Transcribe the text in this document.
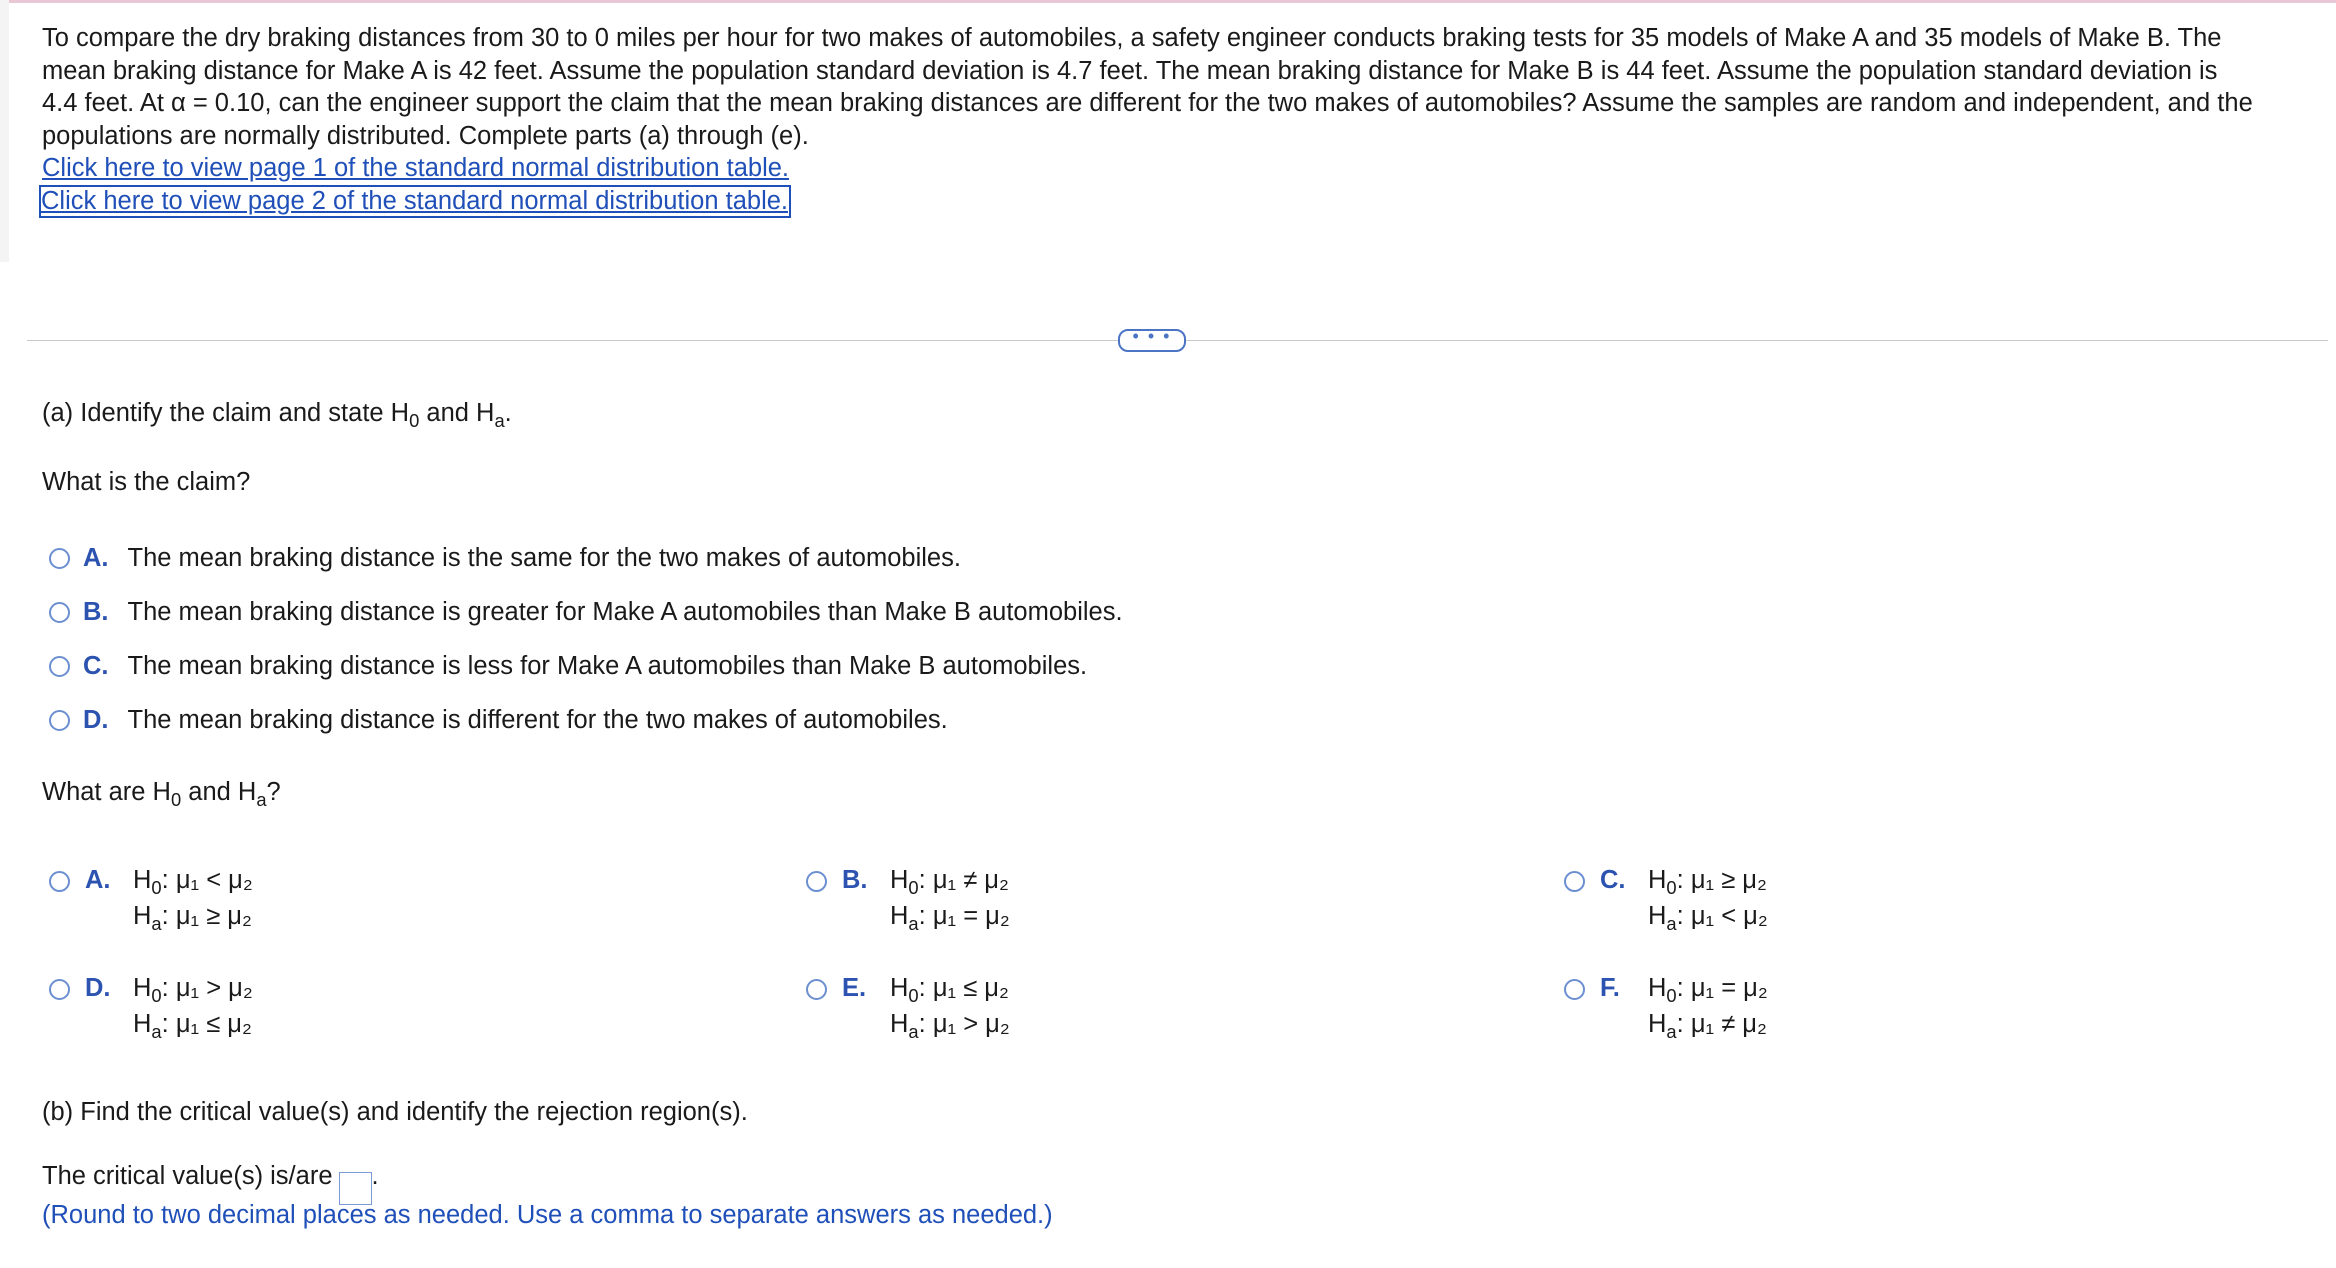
To compare the dry braking distances from 30 to 0 miles per hour for two makes of automobiles, a safety engineer conducts braking tests for 35 models of Make A and 35 models of Make B. The
mean braking distance for Make A is 42 feet. Assume the population standard deviation is 4.7 feet. The mean braking distance for Make B is 44 feet. Assume the population standard deviation is
4.4 feet. At α = 0.10, can the engineer support the claim that the mean braking distances are different for the two makes of automobiles? Assume the samples are random and independent, and the
populations are normally distributed. Complete parts (a) through (e).
Click here to view page 1 of the standard normal distribution table.
Click here to view page 2 of the standard normal distribution table.
• • •
(a) Identify the claim and state $H_0$ and $H_a$.
What is the claim?
A. The mean braking distance is the same for the two makes of automobiles.
B. The mean braking distance is greater for Make A automobiles than Make B automobiles.
C. The mean braking distance is less for Make A automobiles than Make B automobiles.
D. The mean braking distance is different for the two makes of automobiles.
What are $H_0$ and $H_a$?
A. $H_0$: μ₁ < μ₂
$H_a$: μ₁ ≥ μ₂
B. $H_0$: μ₁ ≠ μ₂
$H_a$: μ₁ = μ₂
C. $H_0$: μ₁ ≥ μ₂
$H_a$: μ₁ < μ₂
D. $H_0$: μ₁ > μ₂
$H_a$: μ₁ ≤ μ₂
E. $H_0$: μ₁ ≤ μ₂
$H_a$: μ₁ > μ₂
F. $H_0$: μ₁ = μ₂
$H_a$: μ₁ ≠ μ₂
(b) Find the critical value(s) and identify the rejection region(s).
The critical value(s) is/are .
(Round to two decimal places as needed. Use a comma to separate answers as needed.)
